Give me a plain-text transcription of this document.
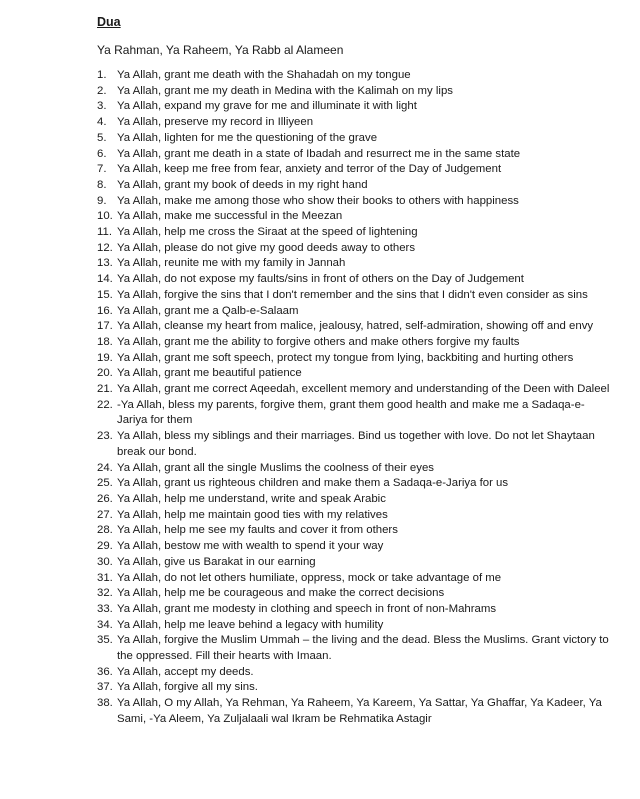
Dua
Ya Rahman, Ya Raheem, Ya Rabb al Alameen
1. Ya Allah, grant me death with the Shahadah on my tongue
2. Ya Allah, grant me my death in Medina with the Kalimah on my lips
3. Ya Allah, expand my grave for me and illuminate it with light
4. Ya Allah, preserve my record in Illiyeen
5. Ya Allah, lighten for me the questioning of the grave
6. Ya Allah, grant me death in a state of Ibadah and resurrect me in the same state
7. Ya Allah, keep me free from fear, anxiety and terror of the Day of Judgement
8. Ya Allah, grant my book of deeds in my right hand
9. Ya Allah, make me among those who show their books to others with happiness
10. Ya Allah, make me successful in the Meezan
11. Ya Allah, help me cross the Siraat at the speed of lightening
12. Ya Allah, please do not give my good deeds away to others
13. Ya Allah, reunite me with my family in Jannah
14. Ya Allah, do not expose my faults/sins in front of others on the Day of Judgement
15. Ya Allah, forgive the sins that I don't remember and the sins that I didn't even consider as sins
16. Ya Allah, grant me a Qalb-e-Salaam
17. Ya Allah, cleanse my heart from malice, jealousy, hatred, self-admiration, showing off and envy
18. Ya Allah, grant me the ability to forgive others and make others forgive my faults
19. Ya Allah, grant me soft speech, protect my tongue from lying, backbiting and hurting others
20. Ya Allah, grant me beautiful patience
21. Ya Allah, grant me correct Aqeedah, excellent memory and understanding of the Deen with Daleel
22. -Ya Allah, bless my parents, forgive them, grant them good health and make me a Sadaqa-e-Jariya for them
23. Ya Allah, bless my siblings and their marriages. Bind us together with love. Do not let Shaytaan break our bond.
24. Ya Allah, grant all the single Muslims the coolness of their eyes
25. Ya Allah, grant us righteous children and make them a Sadaqa-e-Jariya for us
26. Ya Allah, help me understand, write and speak Arabic
27. Ya Allah, help me maintain good ties with my relatives
28. Ya Allah, help me see my faults and cover it from others
29. Ya Allah, bestow me with wealth to spend it your way
30. Ya Allah, give us Barakat in our earning
31. Ya Allah, do not let others humiliate, oppress, mock or take advantage of me
32. Ya Allah, help me be courageous and make the correct decisions
33. Ya Allah, grant me modesty in clothing and speech in front of non-Mahrams
34. Ya Allah, help me leave behind a legacy with humility
35. Ya Allah, forgive the Muslim Ummah – the living and the dead. Bless the Muslims. Grant victory to the oppressed. Fill their hearts with Imaan.
36. Ya Allah, accept my deeds.
37. Ya Allah, forgive all my sins.
38. Ya Allah, O my Allah, Ya Rehman, Ya Raheem, Ya Kareem, Ya Sattar, Ya Ghaffar, Ya Kadeer, Ya Sami, -Ya Aleem, Ya Zuljalaali wal Ikram be Rehmatika Astagir
